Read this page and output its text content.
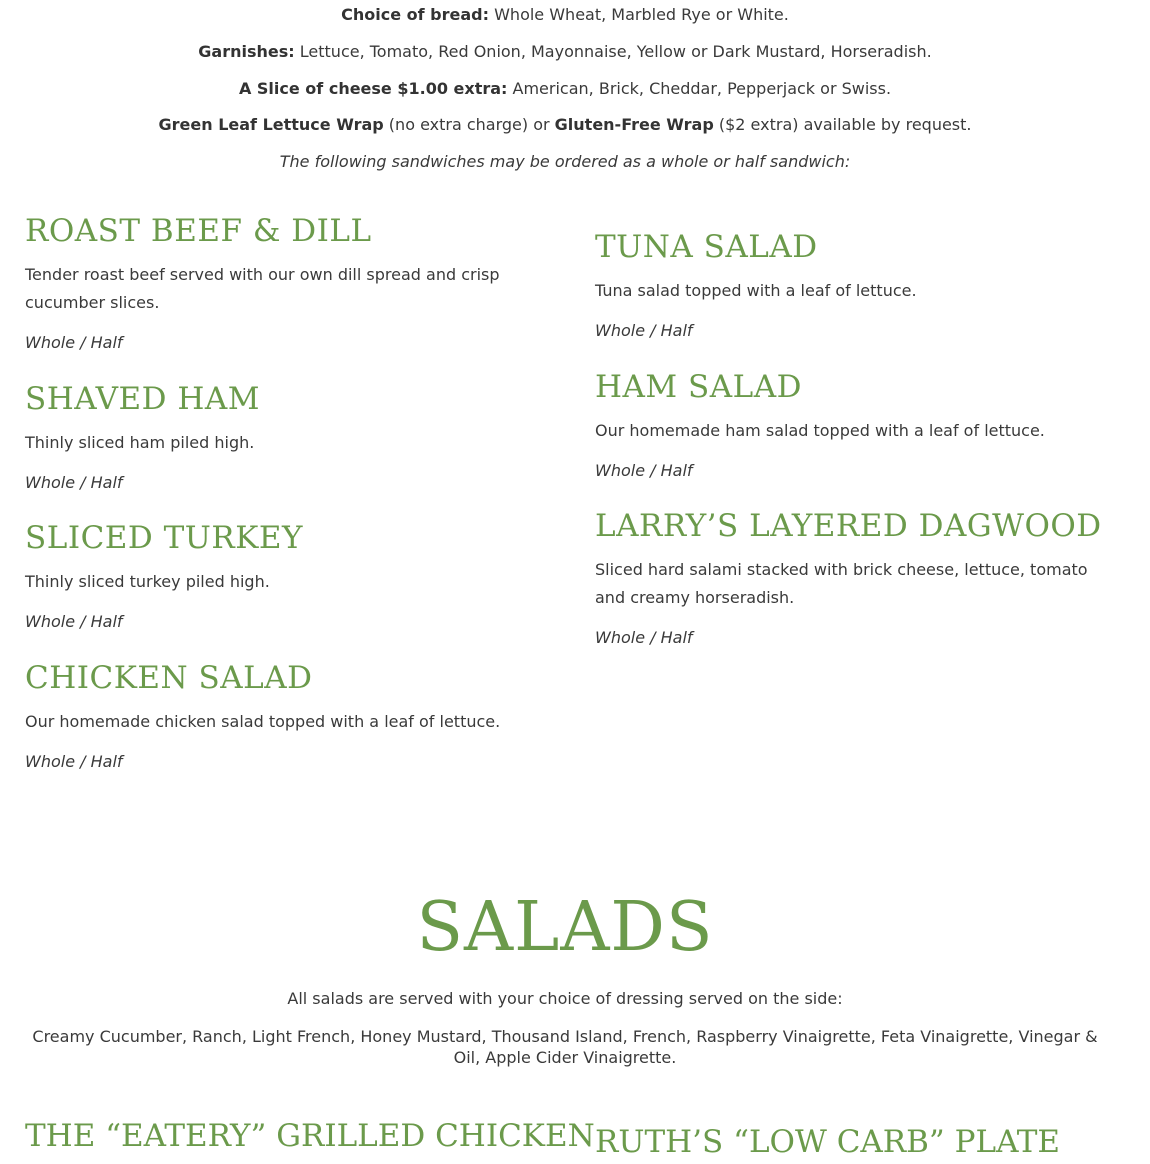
Choice of bread: Whole Wheat, Marbled Rye or White.

Garnishes: Lettuce, Tomato, Red Onion, Mayonnaise, Yellow or Dark Mustard, Horseradish.

A Slice of cheese $1.00 extra: American, Brick, Cheddar, Pepperjack or Swiss.

Green Leaf Lettuce Wrap (no extra charge) or Gluten-Free Wrap ($2 extra) available by request.

The following sandwiches may be ordered as a whole or half sandwich:

ROAST BEEF & DILL

Tender roast beef served with our own dill spread and crisp cucumber slices.

Whole / Half

SHAVED HAM

Thinly sliced ham piled high.

Whole / Half

SLICED TURKEY

Thinly sliced turkey piled high.

Whole / Half

CHICKEN SALAD

Our homemade chicken salad topped with a leaf of lettuce.

Whole / Half

TUNA SALAD

Tuna salad topped with a leaf of lettuce.

Whole / Half

HAM SALAD

Our homemade ham salad topped with a leaf of lettuce.

Whole / Half

LARRY’S LAYERED DAGWOOD

Sliced hard salami stacked with brick cheese, lettuce, tomato and creamy horseradish.

Whole / Half

SALADS

All salads are served with your choice of dressing served on the side:

Creamy Cucumber, Ranch, Light French, Honey Mustard, Thousand Island, French, Raspberry Vinaigrette, Feta Vinaigrette, Vinegar & Oil, Apple Cider Vinaigrette.

THE “EATERY” GRILLED CHICKEN RUTH’S “LOW CARB” PLATE
